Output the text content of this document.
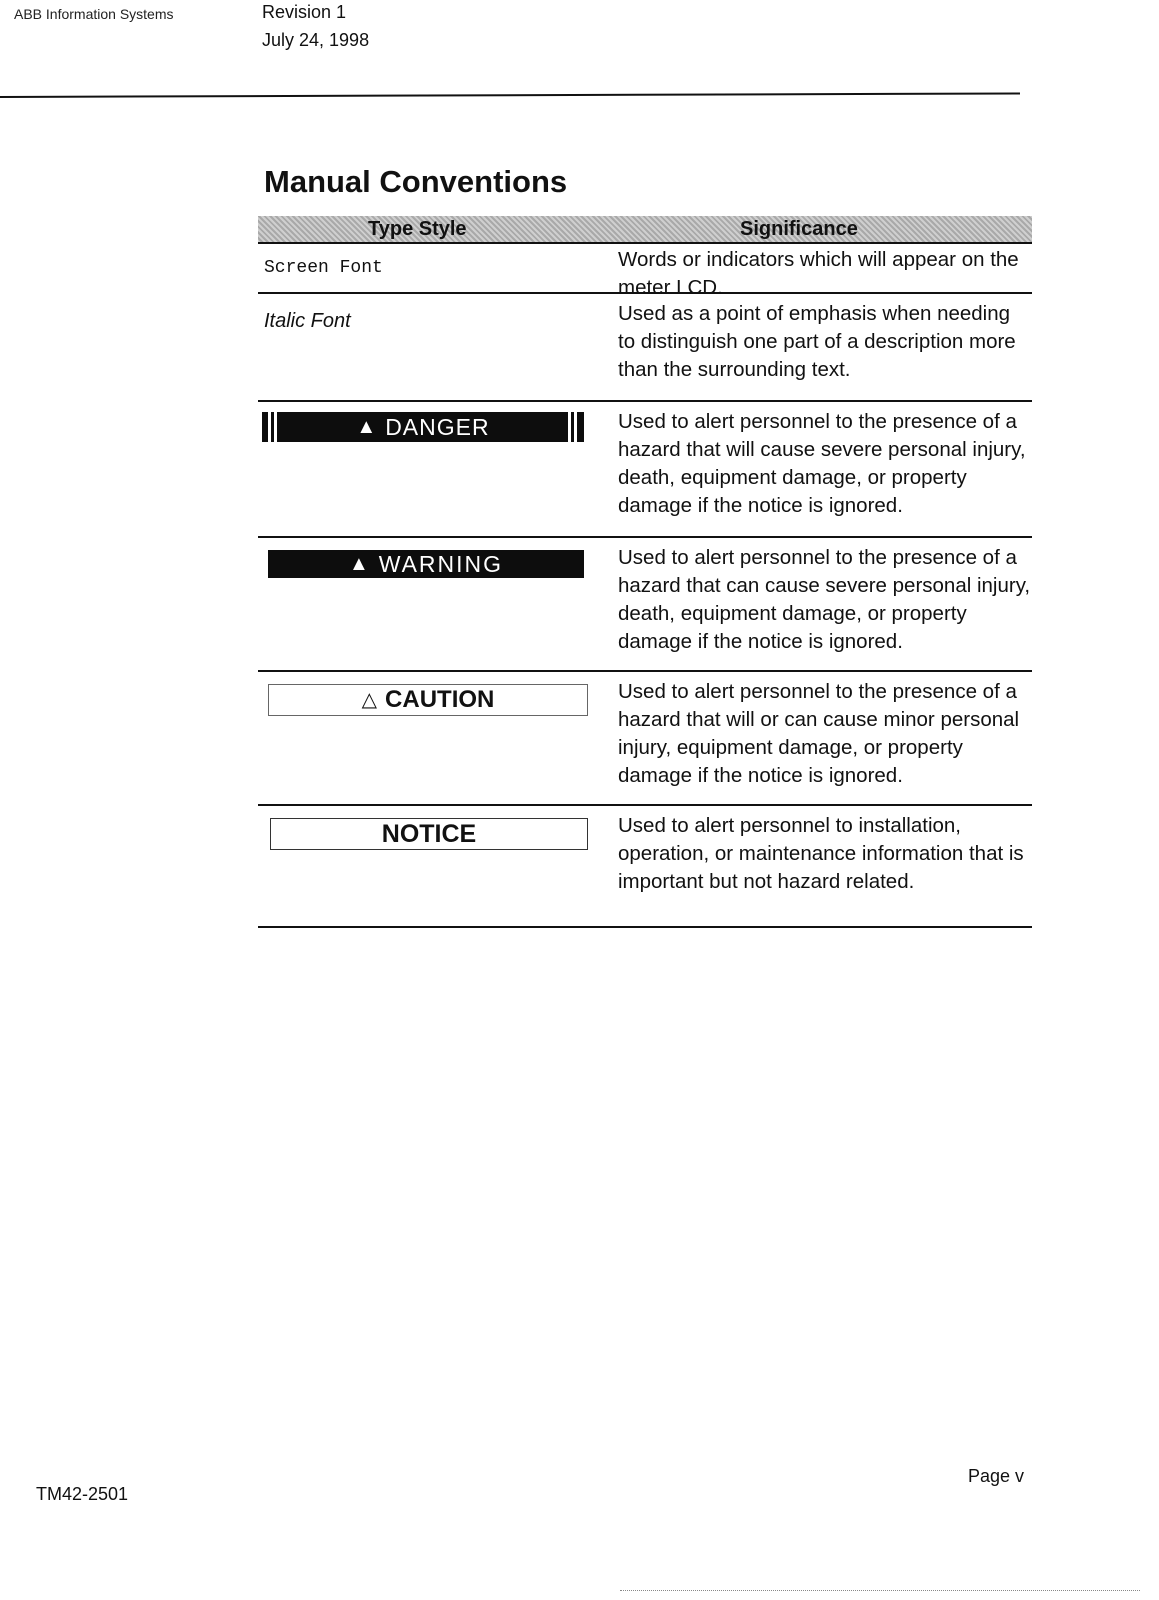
ABB Information Systems	Revision 1
July 24, 1998
Manual Conventions
Type Style	Significance
Screen Font	Words or indicators which will appear on the meter LCD.
Italic Font	Used as a point of emphasis when needing to distinguish one part of a description more than the surrounding text.
▲ DANGER	Used to alert personnel to the presence of a hazard that will cause severe personal injury, death, equipment damage, or property damage if the notice is ignored.
▲ WARNING	Used to alert personnel to the presence of a hazard that can cause severe personal injury, death, equipment damage, or property damage if the notice is ignored.
△ CAUTION	Used to alert personnel to the presence of a hazard that will or can cause minor personal injury, equipment damage, or property damage if the notice is ignored.
NOTICE	Used to alert personnel to installation, operation, or maintenance information that is important but not hazard related.
TM42-2501
Page v
